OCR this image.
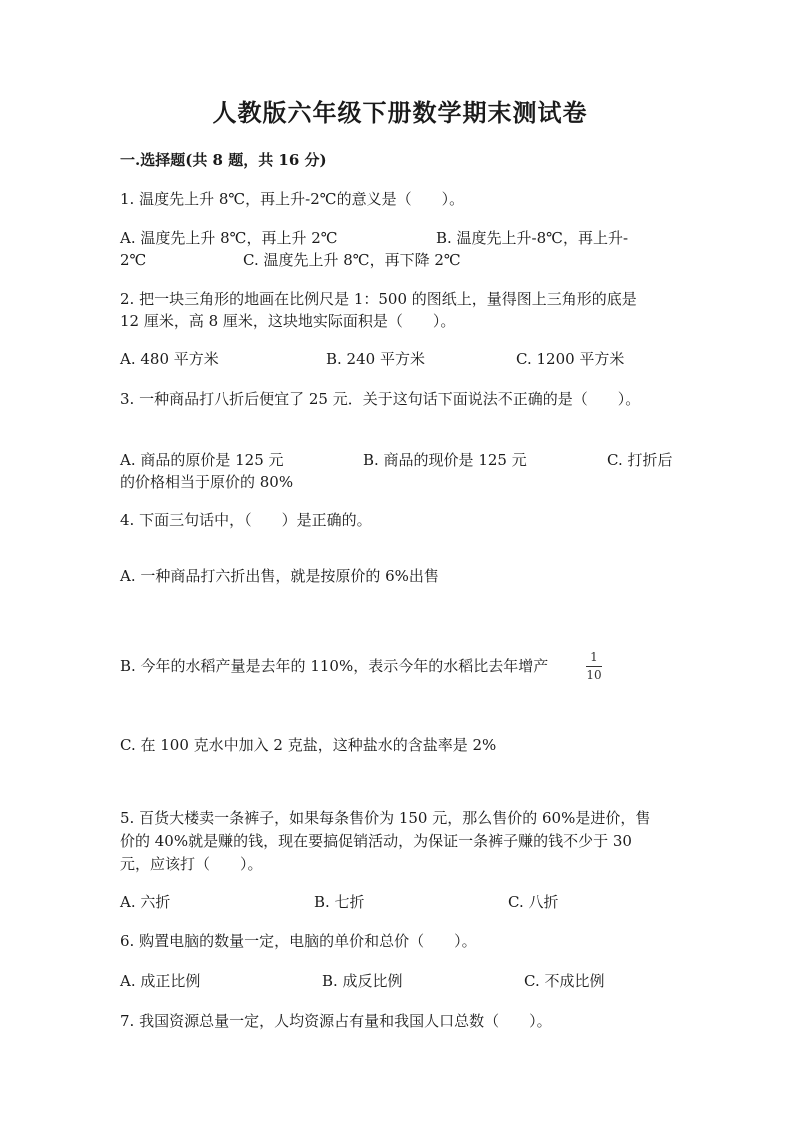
人教版六年级下册数学期末测试卷
一.选择题(共 8 题，共 16 分)
1. 温度先上升 8℃，再上升-2℃的意义是（　　）。
A. 温度先上升 8℃，再上升 2℃	B. 温度先上升-8℃，再上升-
2℃	C. 温度先上升 8℃，再下降 2℃
2. 把一块三角形的地画在比例尺是 1：500 的图纸上，量得图上三角形的底是
12 厘米，高 8 厘米，这块地实际面积是（　　）。
A. 480 平方米	B. 240 平方米	C. 1200 平方米
3. 一种商品打八折后便宜了 25 元．关于这句话下面说法不正确的是（　　）。
A. 商品的原价是 125 元	B. 商品的现价是 125 元	C. 打折后
的价格相当于原价的 80%
4. 下面三句话中，（　　）是正确的。
A. 一种商品打六折出售，就是按原价的 6%出售
B. 今年的水稻产量是去年的 110%，表示今年的水稻比去年增产	1
10
C. 在 100 克水中加入 2 克盐，这种盐水的含盐率是 2%
5. 百货大楼卖一条裤子，如果每条售价为 150 元，那么售价的 60%是进价，售
价的 40%就是赚的钱，现在要搞促销活动，为保证一条裤子赚的钱不少于 30
元，应该打（　　）。
A. 六折	B. 七折	C. 八折
6. 购置电脑的数量一定，电脑的单价和总价（　　）。
A. 成正比例	B. 成反比例	C. 不成比例
7. 我国资源总量一定，人均资源占有量和我国人口总数（　　）。
